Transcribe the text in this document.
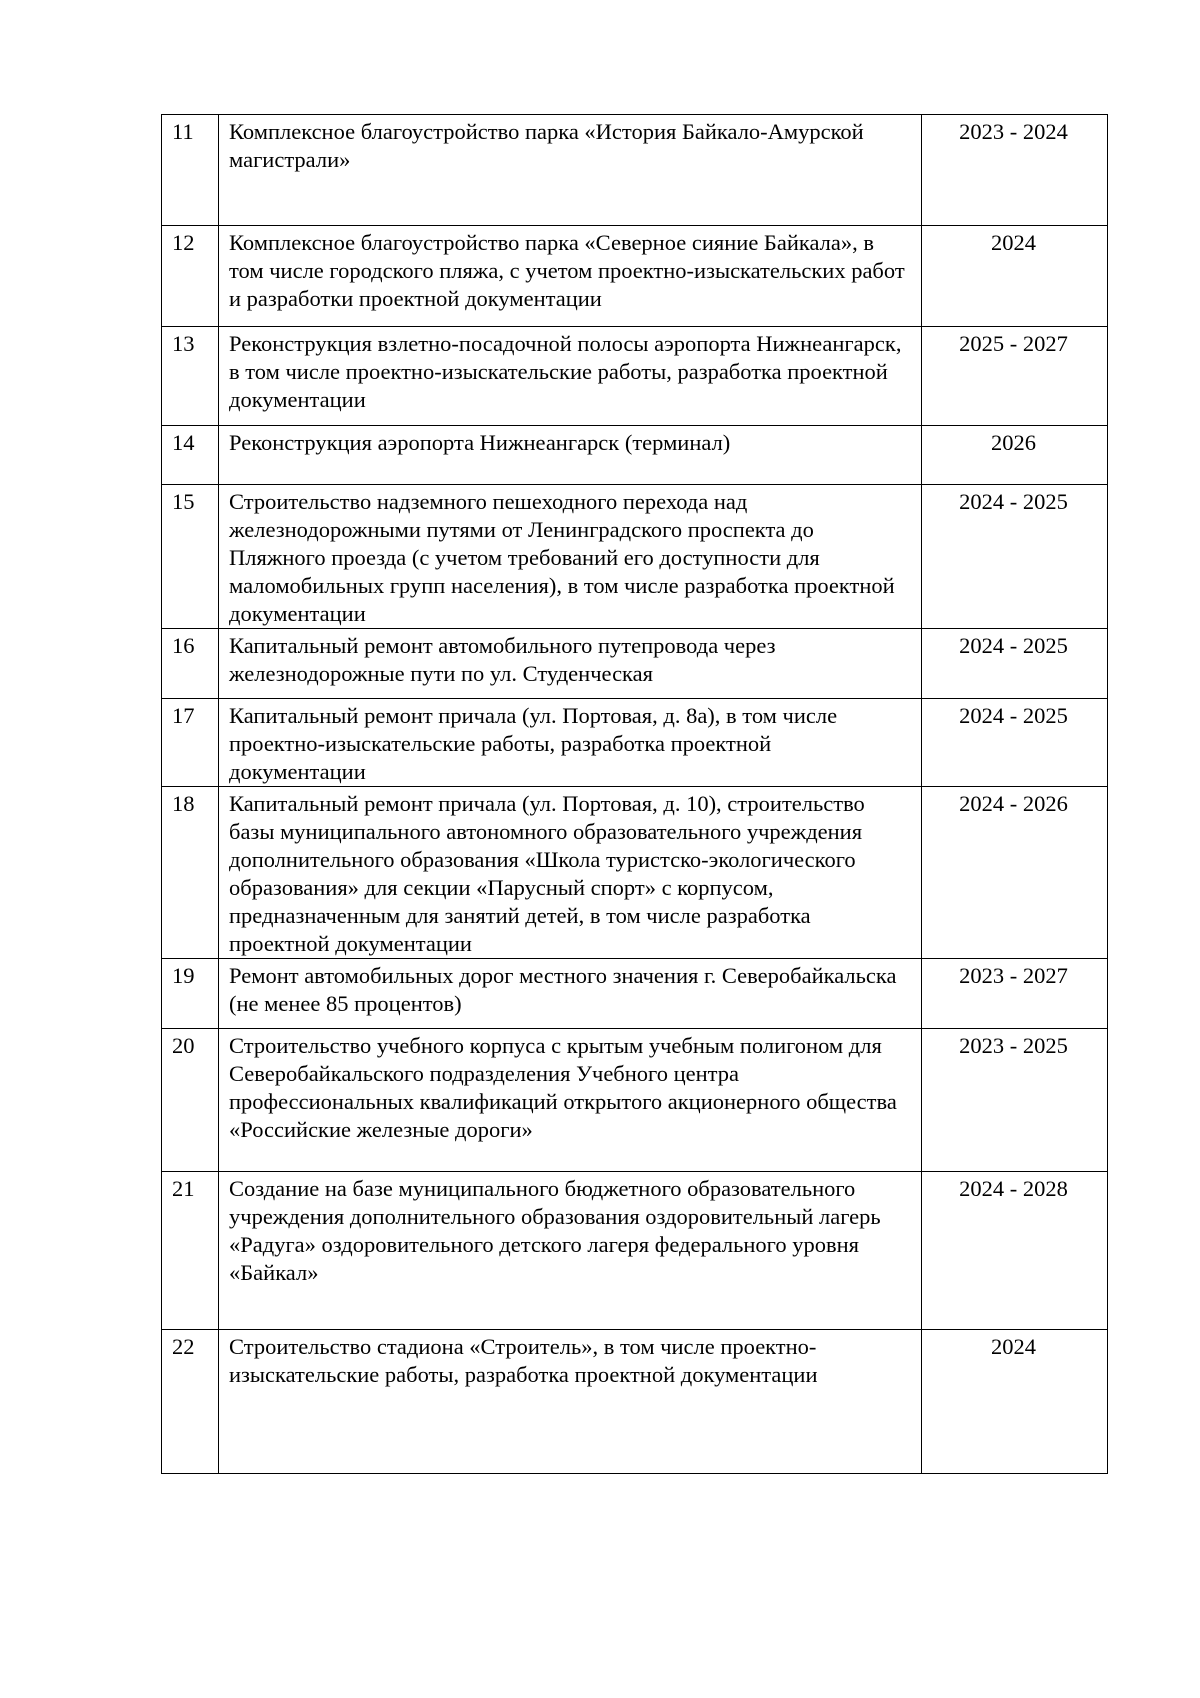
11	Комплексное благоустройство парка «История Байкало-Амурской магистрали»	2023 - 2024
12	Комплексное благоустройство парка «Северное сияние Байкала», в том числе городского пляжа, с учетом проектно-изыскательских работ и разработки проектной документации	2024
13	Реконструкция взлетно-посадочной полосы аэропорта Нижнеангарск, в том числе проектно-изыскательские работы, разработка проектной документации	2025 - 2027
14	Реконструкция аэропорта Нижнеангарск (терминал)	2026
15	Строительство надземного пешеходного перехода над железнодорожными путями от Ленинградского проспекта до Пляжного проезда (с учетом требований его доступности для маломобильных групп населения), в том числе разработка проектной документации	2024 - 2025
16	Капитальный ремонт автомобильного путепровода через железнодорожные пути по ул. Студенческая	2024 - 2025
17	Капитальный ремонт причала (ул. Портовая, д. 8а), в том числе проектно-изыскательские работы, разработка проектной документации	2024 - 2025
18	Капитальный ремонт причала (ул. Портовая, д. 10), строительство базы муниципального автономного образовательного учреждения дополнительного образования «Школа туристско-экологического образования» для секции «Парусный спорт» с корпусом, предназначенным для занятий детей, в том числе разработка проектной документации	2024 - 2026
19	Ремонт автомобильных дорог местного значения г. Северобайкальска (не менее 85 процентов)	2023 - 2027
20	Строительство учебного корпуса с крытым учебным полигоном для Северобайкальского подразделения Учебного центра профессиональных квалификаций открытого акционерного общества «Российские железные дороги»	2023 - 2025
21	Создание на базе муниципального бюджетного образовательного учреждения дополнительного образования оздоровительный лагерь «Радуга» оздоровительного детского лагеря федерального уровня «Байкал»	2024 - 2028
22	Строительство стадиона «Строитель», в том числе проектно-изыскательские работы, разработка проектной документации	2024
